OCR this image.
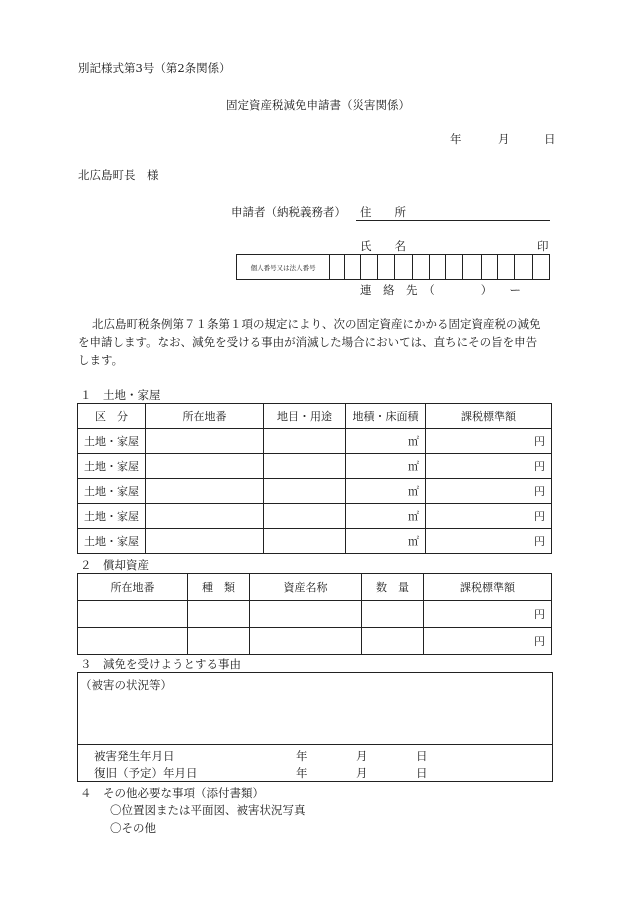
別記様式第3号（第2条関係）
固定資産税減免申請書（災害関係）
年	月	日
北広島町長　様
申請者（納税義務者） 住　　所
氏　　名	印
個人番号又は法人番号													
連　絡　先　（　　　　）　　ー
北広島町税条例第７１条第１項の規定により、次の固定資産にかかる固定資産税の減免
を申請します。なお、減免を受ける事由が消滅した場合においては、直ちにその旨を申告
します。
１　土地・家屋
区　分	所在地番	地目・用途	地積・床面積	課税標準額
土地・家屋			㎡	円
土地・家屋			㎡	円
土地・家屋			㎡	円
土地・家屋			㎡	円
土地・家屋			㎡	円
２　償却資産
所在地番	種　類	資産名称	数　量	課税標準額
				円
				円
３　減免を受けようとする事由
（被害の状況等）
被害発生年月日	年	月	日
復旧（予定）年月日	年	月	日
４　その他必要な事項（添付書類）
〇位置図または平面図、被害状況写真
〇その他
